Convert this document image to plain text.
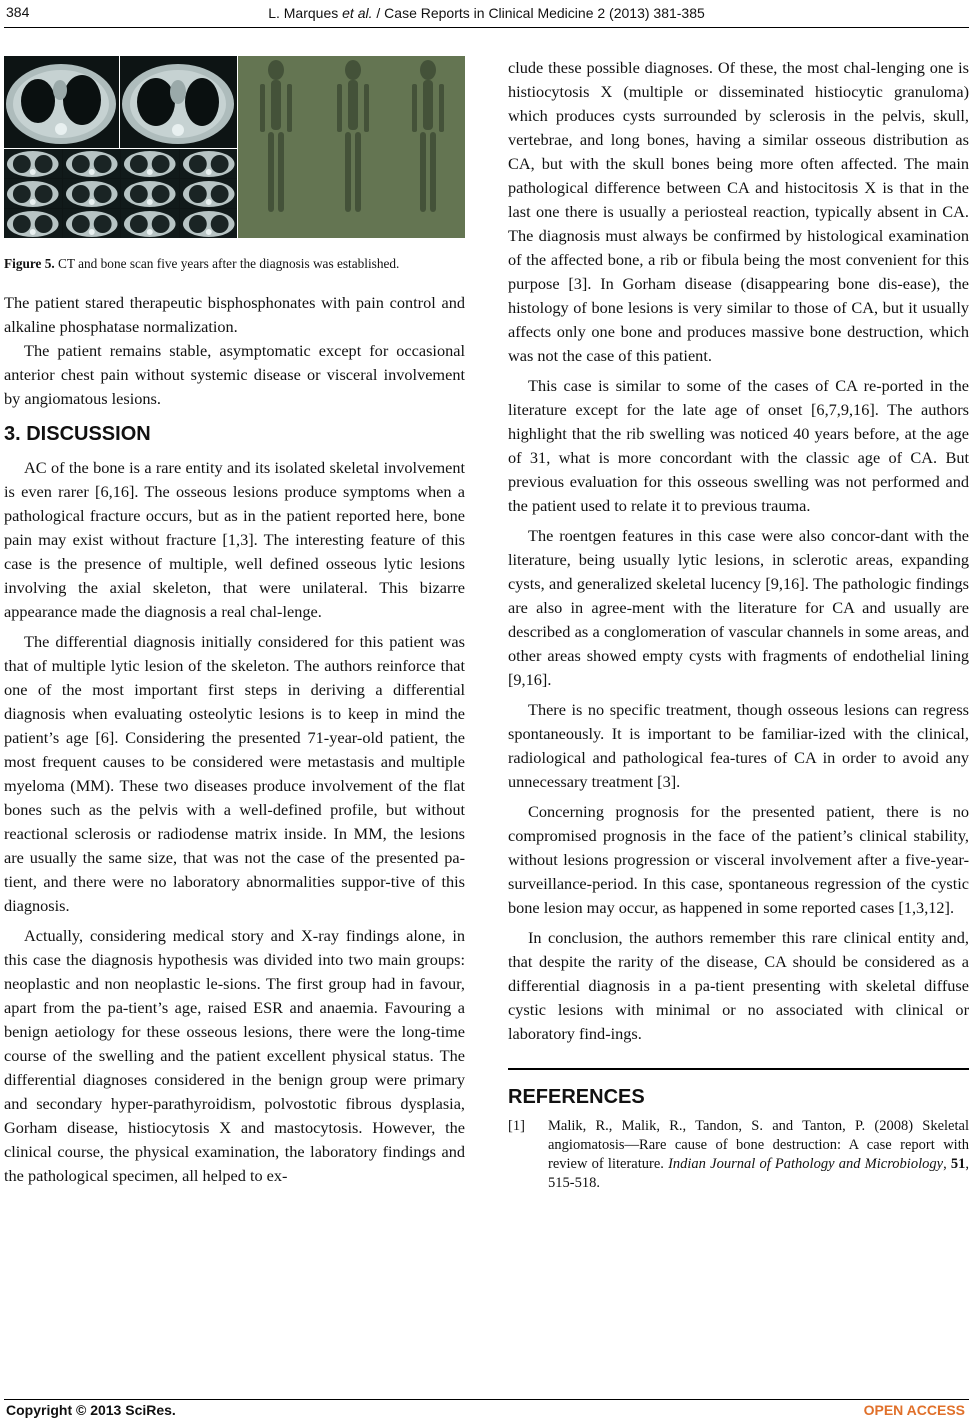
384	L. Marques et al. / Case Reports in Clinical Medicine 2 (2013) 381-385
Figure 5. CT and bone scan five years after the diagnosis was established.

The patient stared therapeutic bisphosphonates with pain control and alkaline phosphatase normalization.

The patient remains stable, asymptomatic except for occasional anterior chest pain without systemic disease or visceral involvement by angiomatous lesions.

3. DISCUSSION

AC of the bone is a rare entity and its isolated skeletal involvement is even rarer [6,16]. The osseous lesions produce symptoms when a pathological fracture occurs, but as in the patient reported here, bone pain may exist without fracture [1,3]. The interesting feature of this case is the presence of multiple, well defined osseous lytic lesions involving the axial skeleton, that were unilateral. This bizarre appearance made the diagnosis a real chal-lenge.

The differential diagnosis initially considered for this patient was that of multiple lytic lesion of the skeleton. The authors reinforce that one of the most important first steps in deriving a differential diagnosis when evaluating osteolytic lesions is to keep in mind the patient’s age [6]. Considering the presented 71-year-old patient, the most frequent causes to be considered were metastasis and multiple myeloma (MM). These two diseases produce involvement of the flat bones such as the pelvis with a well-defined profile, but without reactional sclerosis or radiodense matrix inside. In MM, the lesions are usually the same size, that was not the case of the presented pa-tient, and there were no laboratory abnormalities suppor-tive of this diagnosis.

Actually, considering medical story and X-ray findings alone, in this case the diagnosis hypothesis was divided into two main groups: neoplastic and non neoplastic le-sions. The first group had in favour, apart from the pa-tient’s age, raised ESR and anaemia. Favouring a benign aetiology for these osseous lesions, there were the long-time course of the swelling and the patient excellent physical status. The differential diagnoses considered in the benign group were primary and secondary hyper-parathyroidism, polvostotic fibrous dysplasia, Gorham disease, histiocytosis X and mastocytosis. However, the clinical course, the physical examination, the laboratory findings and the pathological specimen, all helped to ex-

clude these possible diagnoses. Of these, the most chal-lenging one is histiocytosis X (multiple or disseminated histiocytic granuloma) which produces cysts surrounded by sclerosis in the pelvis, skull, vertebrae, and long bones, having a similar osseous distribution as CA, but with the skull bones being more often affected. The main pathological difference between CA and histocitosis X is that in the last one there is usually a periosteal reaction, typically absent in CA. The diagnosis must always be confirmed by histological examination of the affected bone, a rib or fibula being the most convenient for this purpose [3]. In Gorham disease (disappearing bone dis-ease), the histology of bone lesions is very similar to those of CA, but it usually affects only one bone and produces massive bone destruction, which was not the case of this patient.

This case is similar to some of the cases of CA re-ported in the literature except for the late age of onset [6,7,9,16]. The authors highlight that the rib swelling was noticed 40 years before, at the age of 31, what is more concordant with the classic age of CA. But previous evaluation for this osseous swelling was not performed and the patient used to relate it to previous trauma.

The roentgen features in this case were also concor-dant with the literature, being usually lytic lesions, in sclerotic areas, expanding cysts, and generalized skeletal lucency [9,16]. The pathologic findings are also in agree-ment with the literature for CA and usually are described as a conglomeration of vascular channels in some areas, and other areas showed empty cysts with fragments of endothelial lining [9,16].

There is no specific treatment, though osseous lesions can regress spontaneously. It is important to be familiar-ized with the clinical, radiological and pathological fea-tures of CA in order to avoid any unnecessary treatment [3].

Concerning prognosis for the presented patient, there is no compromised prognosis in the face of the patient’s clinical stability, without lesions progression or visceral involvement after a five-year-surveillance-period. In this case, spontaneous regression of the cystic bone lesion may occur, as happened in some reported cases [1,3,12].

In conclusion, the authors remember this rare clinical entity and, that despite the rarity of the disease, CA should be considered as a differential diagnosis in a pa-tient presenting with skeletal diffuse cystic lesions with minimal or no associated with clinical or laboratory find-ings.

REFERENCES
[1]	Malik, R., Malik, R., Tandon, S. and Tanton, P. (2008) Skeletal angiomatosis—Rare cause of bone destruction: A case report with review of literature. Indian Journal of Pathology and Microbiology, 51, 515-518.
Copyright © 2013 SciRes.	OPEN ACCESS
